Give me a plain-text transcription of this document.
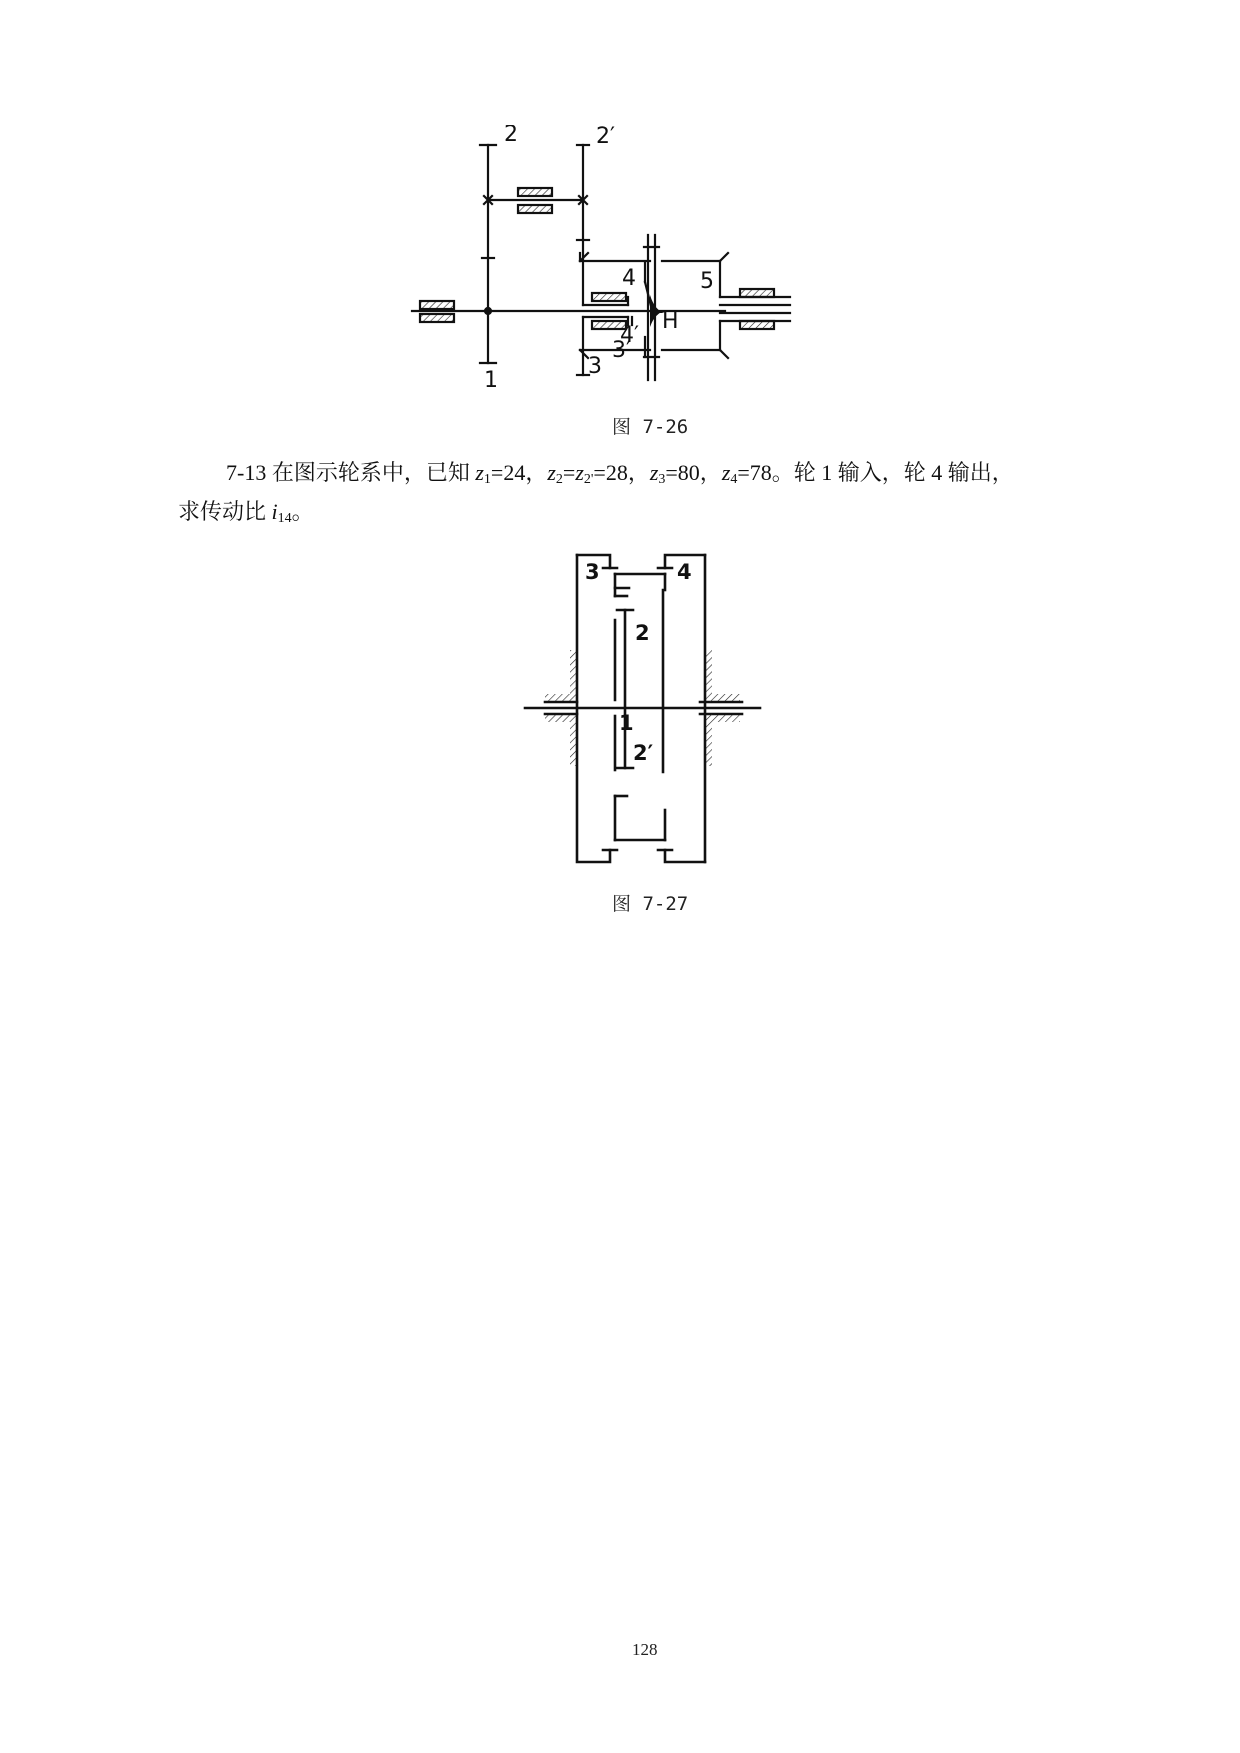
2	2′
1
3
3′
4
4′
5
H
图 7-26
7-13 在图示轮系中，已知 $z_1=24$，$z_2=z_{2'}=28$，$z_3=80$，$z_4=78$。轮 1 输入，轮 4 输出，
求传动比 $i_{14}$。
3	4
2
1
2′
图 7-27
128
